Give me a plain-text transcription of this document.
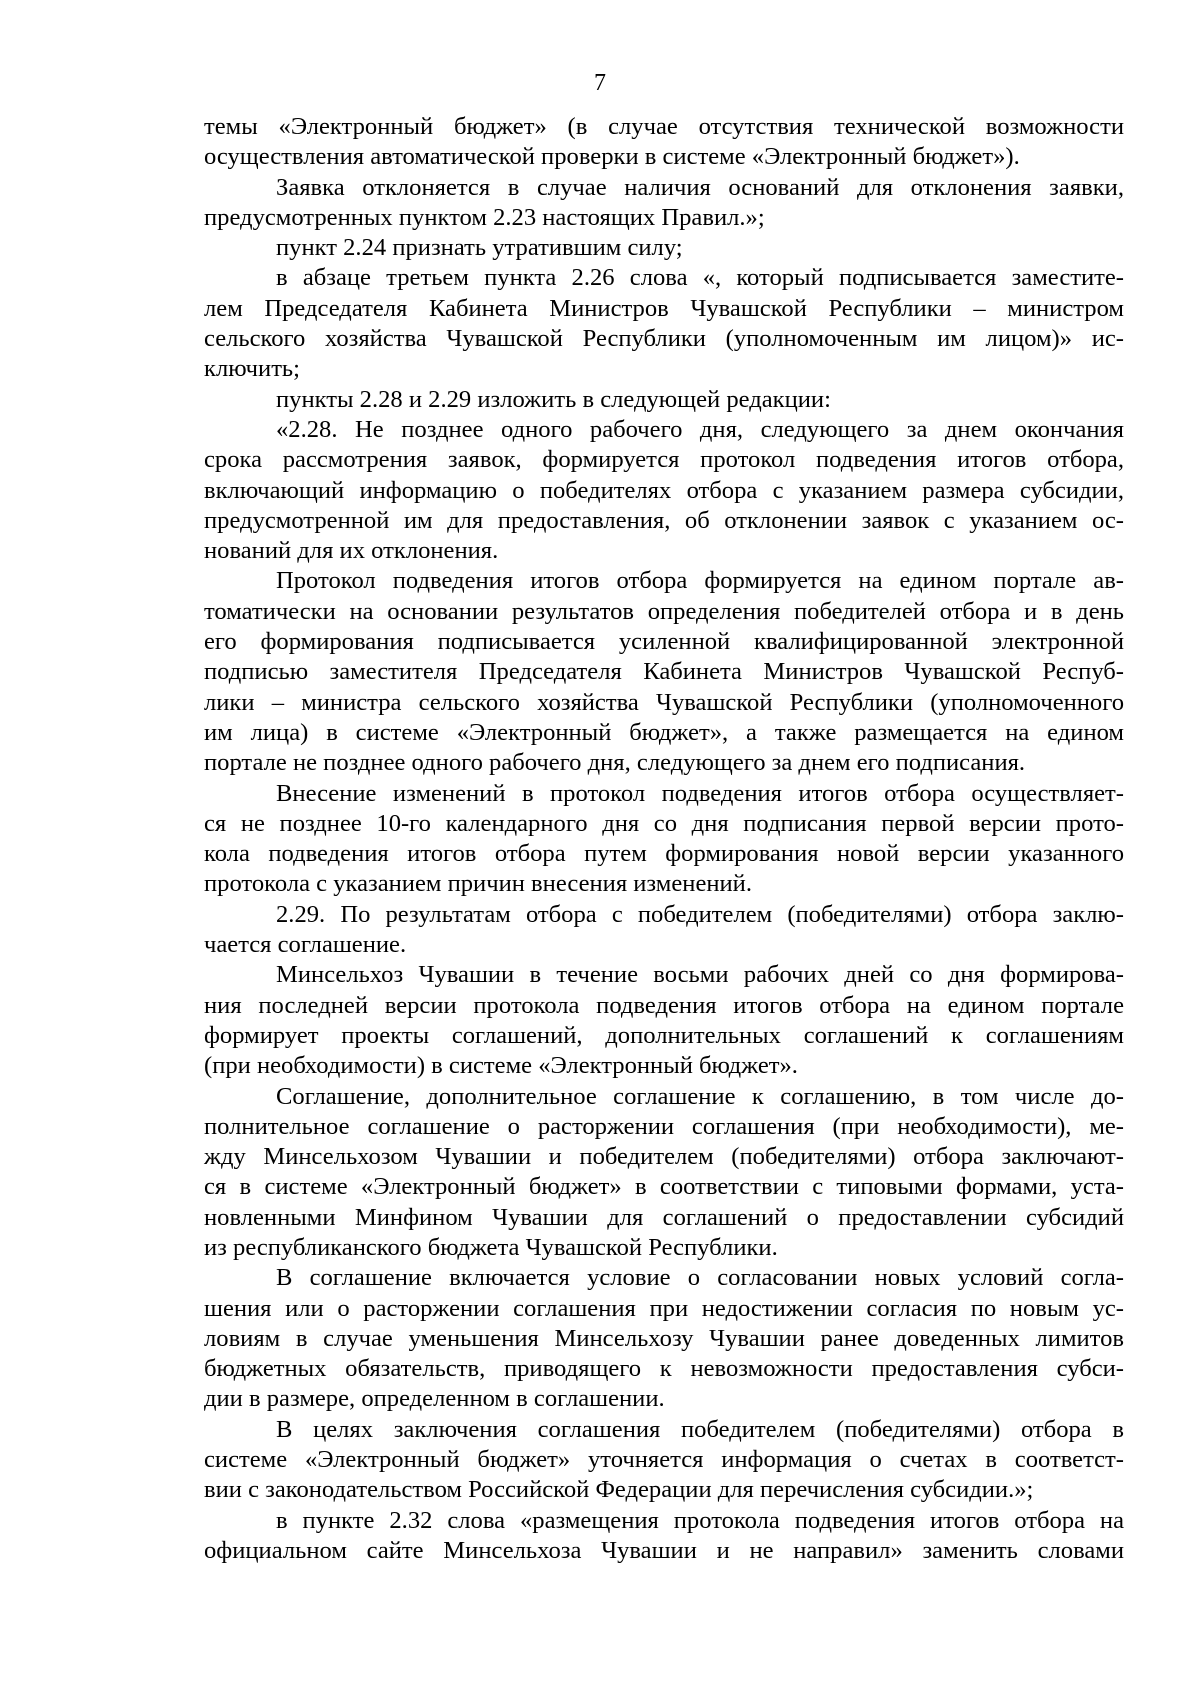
7
темы «Электронный бюджет» (в случае отсутствия технической возможности
осуществления автоматической проверки в системе «Электронный бюджет»).
Заявка отклоняется в случае наличия оснований для отклонения заявки,
предусмотренных пунктом 2.23 настоящих Правил.»;
пункт 2.24 признать утратившим силу;
в абзаце третьем пункта 2.26 слова «, который подписывается заместите-
лем Председателя Кабинета Министров Чувашской Республики – министром
сельского хозяйства Чувашской Республики (уполномоченным им лицом)» ис-
ключить;
пункты 2.28 и 2.29 изложить в следующей редакции:
«2.28. Не позднее одного рабочего дня, следующего за днем окончания
срока рассмотрения заявок, формируется протокол подведения итогов отбора,
включающий информацию о победителях отбора с указанием размера субсидии,
предусмотренной им для предоставления, об отклонении заявок с указанием ос-
нований для их отклонения.
Протокол подведения итогов отбора формируется на едином портале ав-
томатически на основании результатов определения победителей отбора и в день
его формирования подписывается усиленной квалифицированной электронной
подписью заместителя Председателя Кабинета Министров Чувашской Респуб-
лики – министра сельского хозяйства Чувашской Республики (уполномоченного
им лица) в системе «Электронный бюджет», а также размещается на едином
портале не позднее одного рабочего дня, следующего за днем его подписания.
Внесение изменений в протокол подведения итогов отбора осуществляет-
ся не позднее 10-го календарного дня со дня подписания первой версии прото-
кола подведения итогов отбора путем формирования новой версии указанного
протокола с указанием причин внесения изменений.
2.29. По результатам отбора с победителем (победителями) отбора заклю-
чается соглашение.
Минсельхоз Чувашии в течение восьми рабочих дней со дня формирова-
ния последней версии протокола подведения итогов отбора на едином портале
формирует проекты соглашений, дополнительных соглашений к соглашениям
(при необходимости) в системе «Электронный бюджет».
Соглашение, дополнительное соглашение к соглашению, в том числе до-
полнительное соглашение о расторжении соглашения (при необходимости), ме-
жду Минсельхозом Чувашии и победителем (победителями) отбора заключают-
ся в системе «Электронный бюджет» в соответствии с типовыми формами, уста-
новленными Минфином Чувашии для соглашений о предоставлении субсидий
из республиканского бюджета Чувашской Республики.
В соглашение включается условие о согласовании новых условий согла-
шения или о расторжении соглашения при недостижении согласия по новым ус-
ловиям в случае уменьшения Минсельхозу Чувашии ранее доведенных лимитов
бюджетных обязательств, приводящего к невозможности предоставления субси-
дии в размере, определенном в соглашении.
В целях заключения соглашения победителем (победителями) отбора в
системе «Электронный бюджет» уточняется информация о счетах в соответст-
вии с законодательством Российской Федерации для перечисления субсидии.»;
в пункте 2.32 слова «размещения протокола подведения итогов отбора на
официальном сайте Минсельхоза Чувашии и не направил» заменить словами
